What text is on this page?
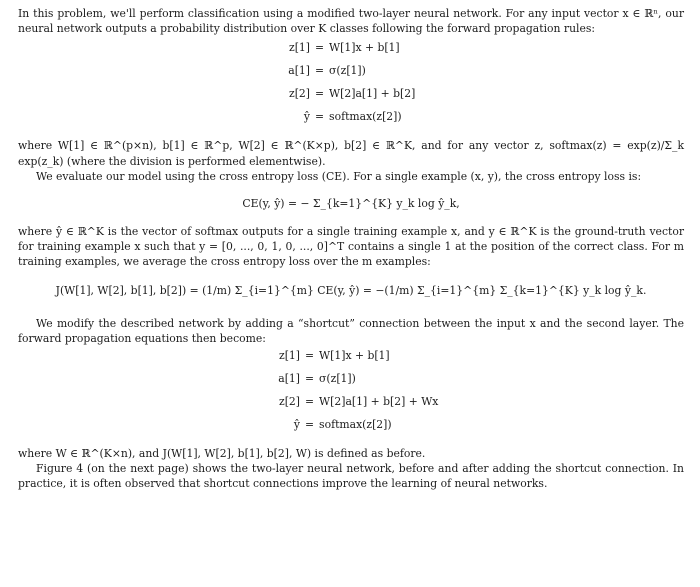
In this problem, we'll perform classification using a modified two-layer neural network. For any input vector x ∈ ℝⁿ, our neural network outputs a probability distribution over K classes following the forward propagation rules:

z[1] = W[1]x + b[1]
a[1] = σ(z[1])
z[2] = W[2]a[1] + b[2]
ŷ = softmax(z[2])

where W[1] ∈ ℝ^(p×n), b[1] ∈ ℝ^p, W[2] ∈ ℝ^(K×p), b[2] ∈ ℝ^K, and for any vector z, softmax(z) = exp(z)/Σ_k exp(z_k) (where the division is performed elementwise).

We evaluate our model using the cross entropy loss (CE). For a single example (x, y), the cross entropy loss is:

CE(y, ŷ) = − Σ_{k=1}^{K} y_k log ŷ_k,

where ŷ ∈ ℝ^K is the vector of softmax outputs for a single training example x, and y ∈ ℝ^K is the ground-truth vector for training example x such that y = [0, ..., 0, 1, 0, ..., 0]^T contains a single 1 at the position of the correct class. For m training examples, we average the cross entropy loss over the m examples:

J(W[1], W[2], b[1], b[2]) = (1/m) Σ_{i=1}^{m} CE(y, ŷ) = −(1/m) Σ_{i=1}^{m} Σ_{k=1}^{K} y_k log ŷ_k.

We modify the described network by adding a “shortcut” connection between the input x and the second layer. The forward propagation equations then become:

z[1] = W[1]x + b[1]
a[1] = σ(z[1])
z[2] = W[2]a[1] + b[2] + Wx
ŷ = softmax(z[2])

where W ∈ ℝ^(K×n), and J(W[1], W[2], b[1], b[2], W) is defined as before.

Figure 4 (on the next page) shows the two-layer neural network, before and after adding the shortcut connection. In practice, it is often observed that shortcut connections improve the learning of neural networks.
